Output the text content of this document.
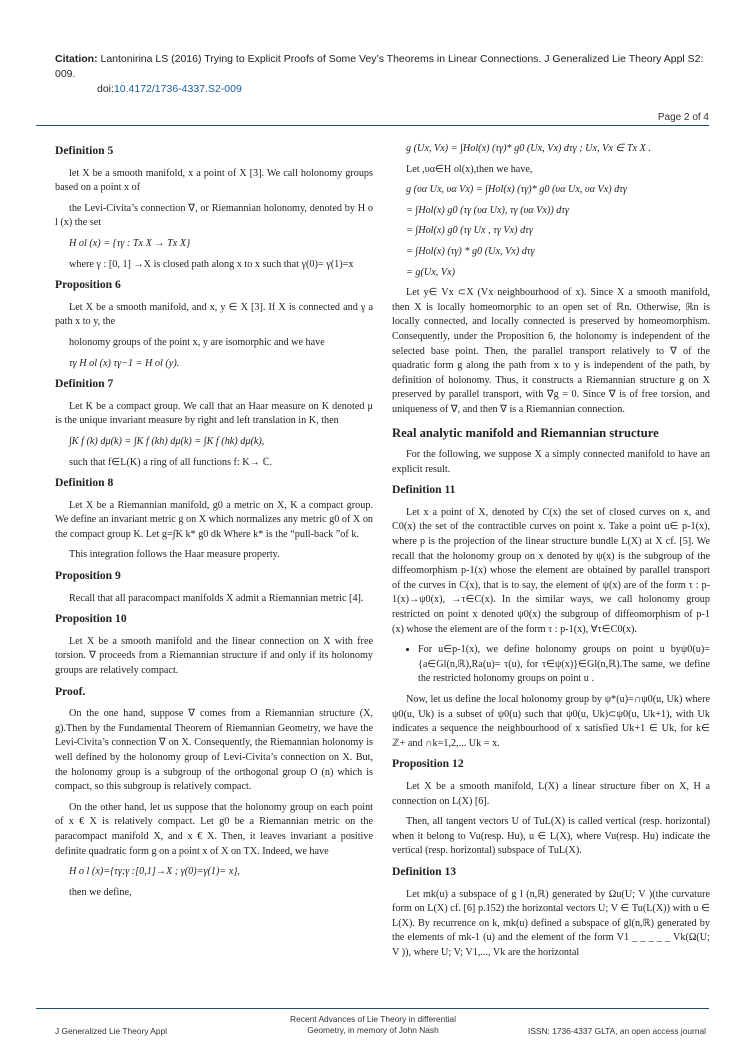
Citation: Lantonirina LS (2016) Trying to Explicit Proofs of Some Vey’s Theorems in Linear Connections. J Generalized Lie Theory Appl S2: 009.
doi:10.4172/1736-4337.S2-009
Page 2 of 4
Definition 5

let X be a smooth manifold, x a point of X [3]. We call holonomy groups based on a point x of

the Levi-Civita’s connection ∇, or Riemannian holonomy, denoted by H o l (x) the set

H ol (x) = {τγ : Tx X → Tx X}

where γ : [0, 1] →X is closed path along x to x such that γ(0)= γ(1)=x

Proposition 6

Let X be a smooth manifold, and x, y ∈ X [3]. If X is connected and γ a path x to y, the

holonomy groups of the point x, y are isomorphic and we have

τγ H ol (x) τγ−1 = H ol (y).

Definition 7

Let K be a compact group. We call that an Haar measure on K denoted μ is the unique invariant measure by right and left translation in K, then

∫K f (k) dμ(k) = ∫K f (kh) dμ(k) = ∫K f (hk) dμ(k),

such that f∈L(K) a ring of all functions f: K→ ℂ.

Definition 8

Let X be a Riemannian manifold, g0 a metric on X, K a compact group. We define an invariant metric g on X which normalizes any metric g0 of X on the compact group K. Let g=∫K k* g0 dk Where k* is the “pull-back ”of k.

This integration follows the Haar measure property.

Proposition 9

Recall that all paracompact manifolds X admit a Riemannian metric [4].

Proposition 10

Let X be a smooth manifold and the linear connection on X with free torsion. ∇ proceeds from a Riemannian structure if and only if its holonomy groups are relatively compact.

Proof.

On the one hand, suppose ∇ comes from a Riemannian structure (X, g).Then by the Fundamental Theorem of Riemannian Geometry, we have the Levi-Civita’s connection ∇ on X. Consequently, the Riemannian holonomy is well defined by the holonomy group of Levi-Civita’s connection on X. But, the holonomy group is a subgroup of the orthogonal group O (n) which is compact, so this subgroup is relatively compact.

On the other hand, let us suppose that the holonomy group on each point of x € X is relatively compact. Let g0 be a Riemannian metric on the paracompact manifold X, and x € X. Then, it leaves invariant a positive definite quadratic form g on a point x of X on TX. Indeed, we have

H o l (x)={τγ;γ :[0,1]→X ; γ(0)=γ(1)= x},

then we define,

g (Ux, Vx) = ∫Hol(x) (τγ)* g0 (Ux, Vx) dτγ ; Ux, Vx ∈ Tx X .

Let ,υα∈H ol(x),then we have,

g (υα Ux, υα Vx) = ∫Hol(x) (τγ)* g0 (υα Ux, υα Vx) dτγ

= ∫Hol(x) g0 (τγ (υα Ux), τγ (υα Vx)) dτγ

= ∫Hol(x) g0 (τγ Ux , τγ Vx) dτγ

= ∫Hol(x) (τγ) * g0 (Ux, Vx) dτγ

= g(Ux, Vx)

Let y∈ Vx ⊂X (Vx neighbourhood of x). Since X a smooth manifold, then X is locally homeomorphic to an open set of ℝn. Otherwise, ℝn is locally connected, and locally connected is preserved by homeomorphism. Consequently, under the Proposition 6, the holonomy is independent of the selected base point. Then, the parallel transport relatively to ∇ of the quadratic form g along the path from x to y is independent of the path, by definition of holonomy. Thus, it constructs a Riemannian structure g on X preserved by parallel transport, with ∇g = 0. Since ∇ is of free torsion, and uniqueness of ∇, and then ∇ is a Riemannian connection.

Real analytic manifold and Riemannian structure

For the following, we suppose X a simply connected manifold to have an explicit result.

Definition 11

Let x a point of X, denoted by C(x) the set of closed curves on x, and C0(x) the set of the contractible curves on point x. Take a point u∈ p-1(x), where p is the projection of the linear structure bundle L(X) at X cf. [5]. We recall that the holonomy group on x denoted by ψ(x) is the subgroup of the diffeomorphism p-1(x) whose the element are obtained by parallel transport of the curves in C(x), that is to say, the element of ψ(x) are of the form τ : p-1(x)→ψ0(x), →τ∈C(x). In the similar ways, we call holonomy group restricted on point x denoted ψ0(x) the subgroup of diffeomorphism of p-1 (x) whose the element are of the form τ : p-1(x), ∀τ∈C0(x).

• For u∈p-1(x), we define holonomy groups on point u byψ0(u)={a∈Gl(n,ℝ),Ra(u)= τ(u), for τ∈ψ(x)}∈Gl(n,ℝ).The same, we define the restricted holonomy groups on point u .

Now, let us define the local holonomy group by ψ*(u)=∩ψ0(u, Uk) where ψ0(u, Uk) is a subset of ψ0(u) such that ψ0(u, Uk)⊂ψ0(u, Uk+1), with Uk indicates a sequence the neighbourhood of x satisfied Uk+1 ∈ Uk, for k∈ ℤ+ and ∩k=1,2,... Uk = x.

Proposition 12

Let X be a smooth manifold, L(X) a linear structure fiber on X, H a connection on L(X) [6].

Then, all tangent vectors U of TuL(X) is called vertical (resp. horizontal) when it belong to Vu(resp. Hu), u ∈ L(X), where Vu(resp. Hu) indicate the vertical (resp. horizontal) subspace of TuL(X).

Definition 13

Let mk(u) a subspace of g l (n,ℝ) generated by Ωu(U; V )(the curvature form on L(X) cf. [6] p.152) the horizontal vectors U; V ∈ Tu(L(X)) with u ∈ L(X). By recurrence on k, mk(u) defined a subspace of gl(n,ℝ) generated by the elements of mk-1 (u) and the element of the form V1 _ _ _ _ _ Vk(Ω(U; V )), where U; V; V1,..., Vk are the horizontal

J Generalized Lie Theory Appl
Recent Advances of Lie Theory in differential Geometry, in memory of John Nash	ISSN: 1736-4337 GLTA, an open access journal
